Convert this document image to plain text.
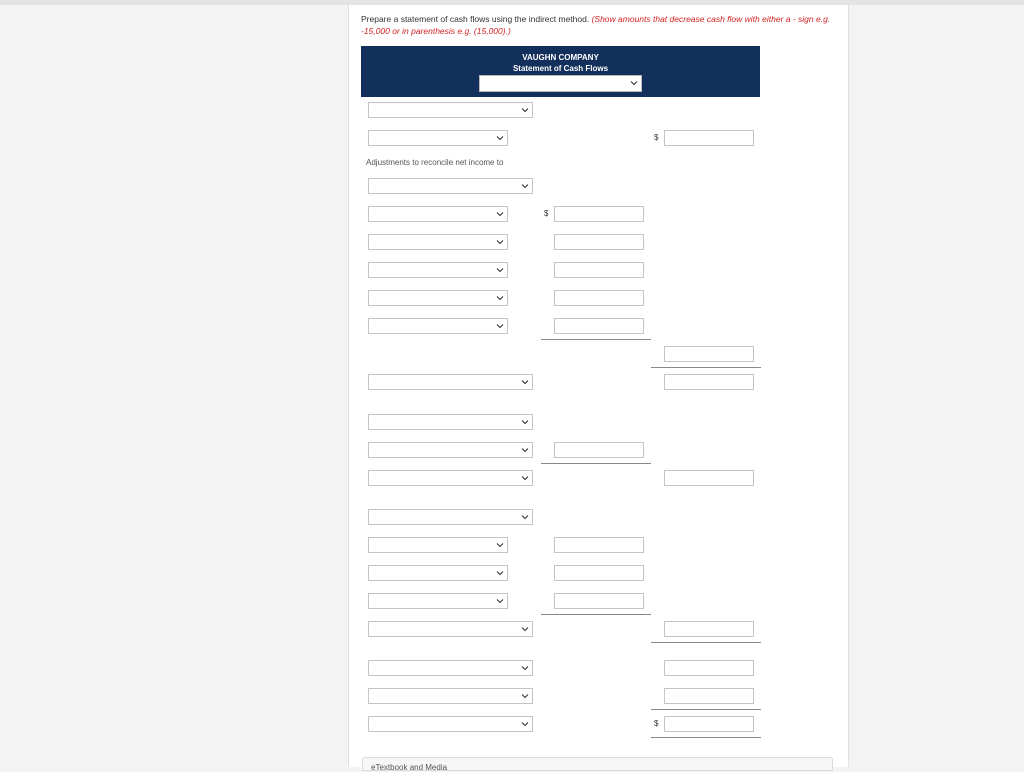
Prepare a statement of cash flows using the indirect method. (Show amounts that decrease cash flow with either a - sign e.g. -15,000 or in parenthesis e.g. (15,000).)
VAUGHN COMPANY
Statement of Cash Flows
$
Adjustments to reconcile net income to
$
$
eTextbook and Media
